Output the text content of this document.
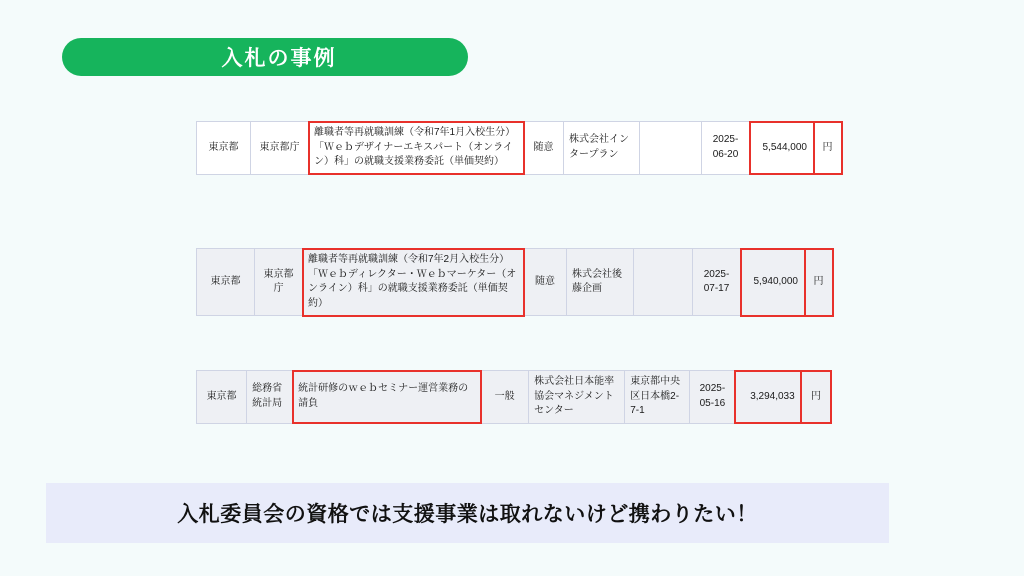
入札の事例
東京都	東京都庁	離職者等再就職訓練（令和7年1月入校生分）「Ｗｅｂデザイナーエキスパート（オンライン）科」の就職支援業務委託（単価契約）	随意	株式会社インタープラン		2025-06-20	5,544,000	円
東京都	東京都庁	離職者等再就職訓練（令和7年2月入校生分）「Ｗｅｂディレクター・Ｗｅｂマーケター（オンライン）科」の就職支援業務委託（単価契約）	随意	株式会社後藤企画		2025-07-17	5,940,000	円
東京都	総務省統計局	統計研修のｗｅｂセミナー運営業務の請負	一般	株式会社日本能率協会マネジメントセンター	東京都中央区日本橋2-7-1	2025-05-16	3,294,033	円
入札委員会の資格では支援事業は取れないけど携わりたい！
